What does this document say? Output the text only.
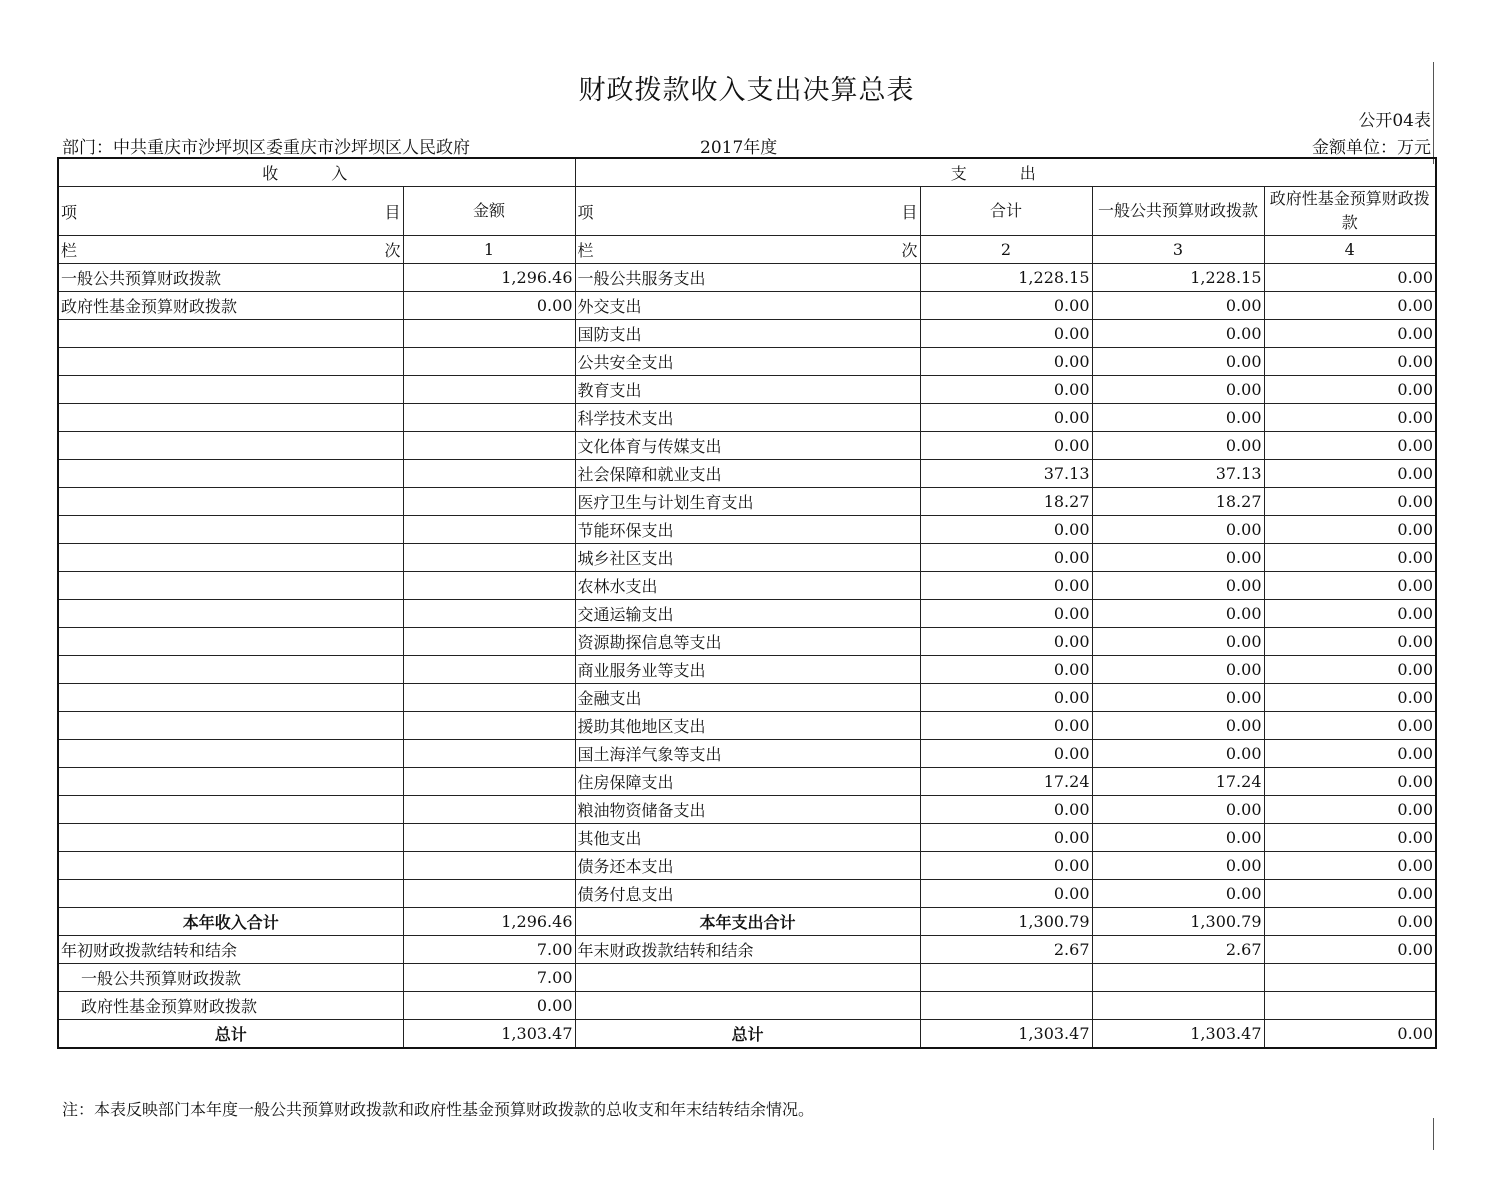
财政拨款收入支出决算总表
公开04表
部门：中共重庆市沙坪坝区委重庆市沙坪坝区人民政府	2017年度	金额单位：万元
收 入		支 出			

项 目	金额	项 目	合计	一般公共预算财政拨款	政府性基金预算财政拨款

栏 次	1	栏 次	2	3	4
一般公共预算财政拨款	1,296.46	一般公共服务支出	1,228.15	1,228.15	0.00
政府性基金预算财政拨款	0.00	外交支出	0.00	0.00	0.00
		国防支出	0.00	0.00	0.00
		公共安全支出	0.00	0.00	0.00
		教育支出	0.00	0.00	0.00
		科学技术支出	0.00	0.00	0.00
		文化体育与传媒支出	0.00	0.00	0.00
		社会保障和就业支出	37.13	37.13	0.00
		医疗卫生与计划生育支出	18.27	18.27	0.00
		节能环保支出	0.00	0.00	0.00
		城乡社区支出	0.00	0.00	0.00
		农林水支出	0.00	0.00	0.00
		交通运输支出	0.00	0.00	0.00
		资源勘探信息等支出	0.00	0.00	0.00
		商业服务业等支出	0.00	0.00	0.00
		金融支出	0.00	0.00	0.00
		援助其他地区支出	0.00	0.00	0.00
		国土海洋气象等支出	0.00	0.00	0.00
		住房保障支出	17.24	17.24	0.00
		粮油物资储备支出	0.00	0.00	0.00
		其他支出	0.00	0.00	0.00
		债务还本支出	0.00	0.00	0.00
		债务付息支出	0.00	0.00	0.00
本年收入合计	1,296.46	本年支出合计	1,300.79	1,300.79	0.00
年初财政拨款结转和结余	7.00	年末财政拨款结转和结余	2.67	2.67	0.00
一般公共预算财政拨款	7.00				
政府性基金预算财政拨款	0.00				
总计	1,303.47	总计	1,303.47	1,303.47	0.00
注：本表反映部门本年度一般公共预算财政拨款和政府性基金预算财政拨款的总收支和年末结转结余情况。
